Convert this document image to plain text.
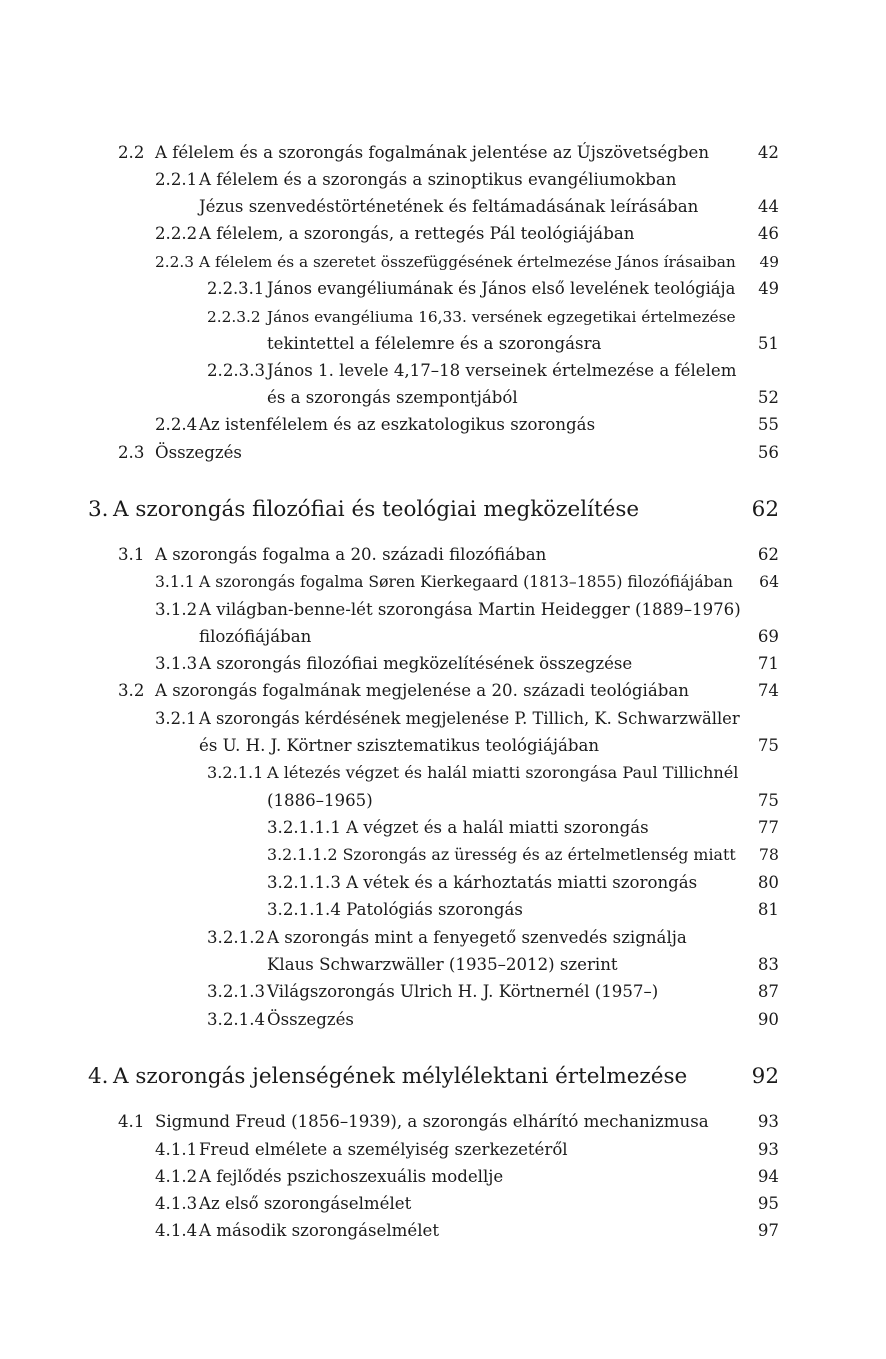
2.2 A félelem és a szorongás fogalmának jelentése az Újszövetségben	42
2.2.1 A félelem és a szorongás a szinoptikus evangéliumokban
Jézus szenvedéstörténetének és feltámadásának leírásában	44
2.2.2 A félelem, a szorongás, a rettegés Pál teológiájában	46
2.2.3 A félelem és a szeretet összefüggésének értelmezése János írásaiban 49
2.2.3.1 János evangéliumának és János első levelének teológiája 49
2.2.3.2 János evangéliuma 16,33. versének egzegetikai értelmezése
tekintettel a félelemre és a szorongásra	51
2.2.3.3 János 1. levele 4,17–18 verseinek értelmezése a félelem
és a szorongás szempontjából	52
2.2.4 Az istenfélelem és az eszkatologikus szorongás	55
2.3 Összegzés	56
3. A szorongás filozófiai és teológiai megközelítése	62
3.1 A szorongás fogalma a 20. századi filozófiában	62
3.1.1 A szorongás fogalma Søren Kierkegaard (1813–1855) filozófiájában 64
3.1.2 A világban-benne-lét szorongása Martin Heidegger (1889–1976)
filozófiájában	69
3.1.3 A szorongás filozófiai megközelítésének összegzése	71
3.2 A szorongás fogalmának megjelenése a 20. századi teológiában	74
3.2.1 A szorongás kérdésének megjelenése P. Tillich, K. Schwarzwäller
és U. H. J. Körtner szisztematikus teológiájában	75
3.2.1.1 A létezés végzet és halál miatti szorongása Paul Tillichnél
(1886–1965)	75
3.2.1.1.1 A végzet és a halál miatti szorongás	77
3.2.1.1.2 Szorongás az üresség és az értelmetlenség miatt 78
3.2.1.1.3 A vétek és a kárhoztatás miatti szorongás	80
3.2.1.1.4 Patológiás szorongás	81
3.2.1.2 A szorongás mint a fenyegető szenvedés szignálja
Klaus Schwarzwäller (1935–2012) szerint	83
3.2.1.3 Világszorongás Ulrich H. J. Körtnernél (1957–)	87
3.2.1.4 Összegzés	90
4. A szorongás jelenségének mélylélektani értelmezése	92
4.1 Sigmund Freud (1856–1939), a szorongás elhárító mechanizmusa	93
4.1.1 Freud elmélete a személyiség szerkezetéről	93
4.1.2 A fejlődés pszichoszexuális modellje	94
4.1.3 Az első szorongáselmélet	95
4.1.4 A második szorongáselmélet	97
